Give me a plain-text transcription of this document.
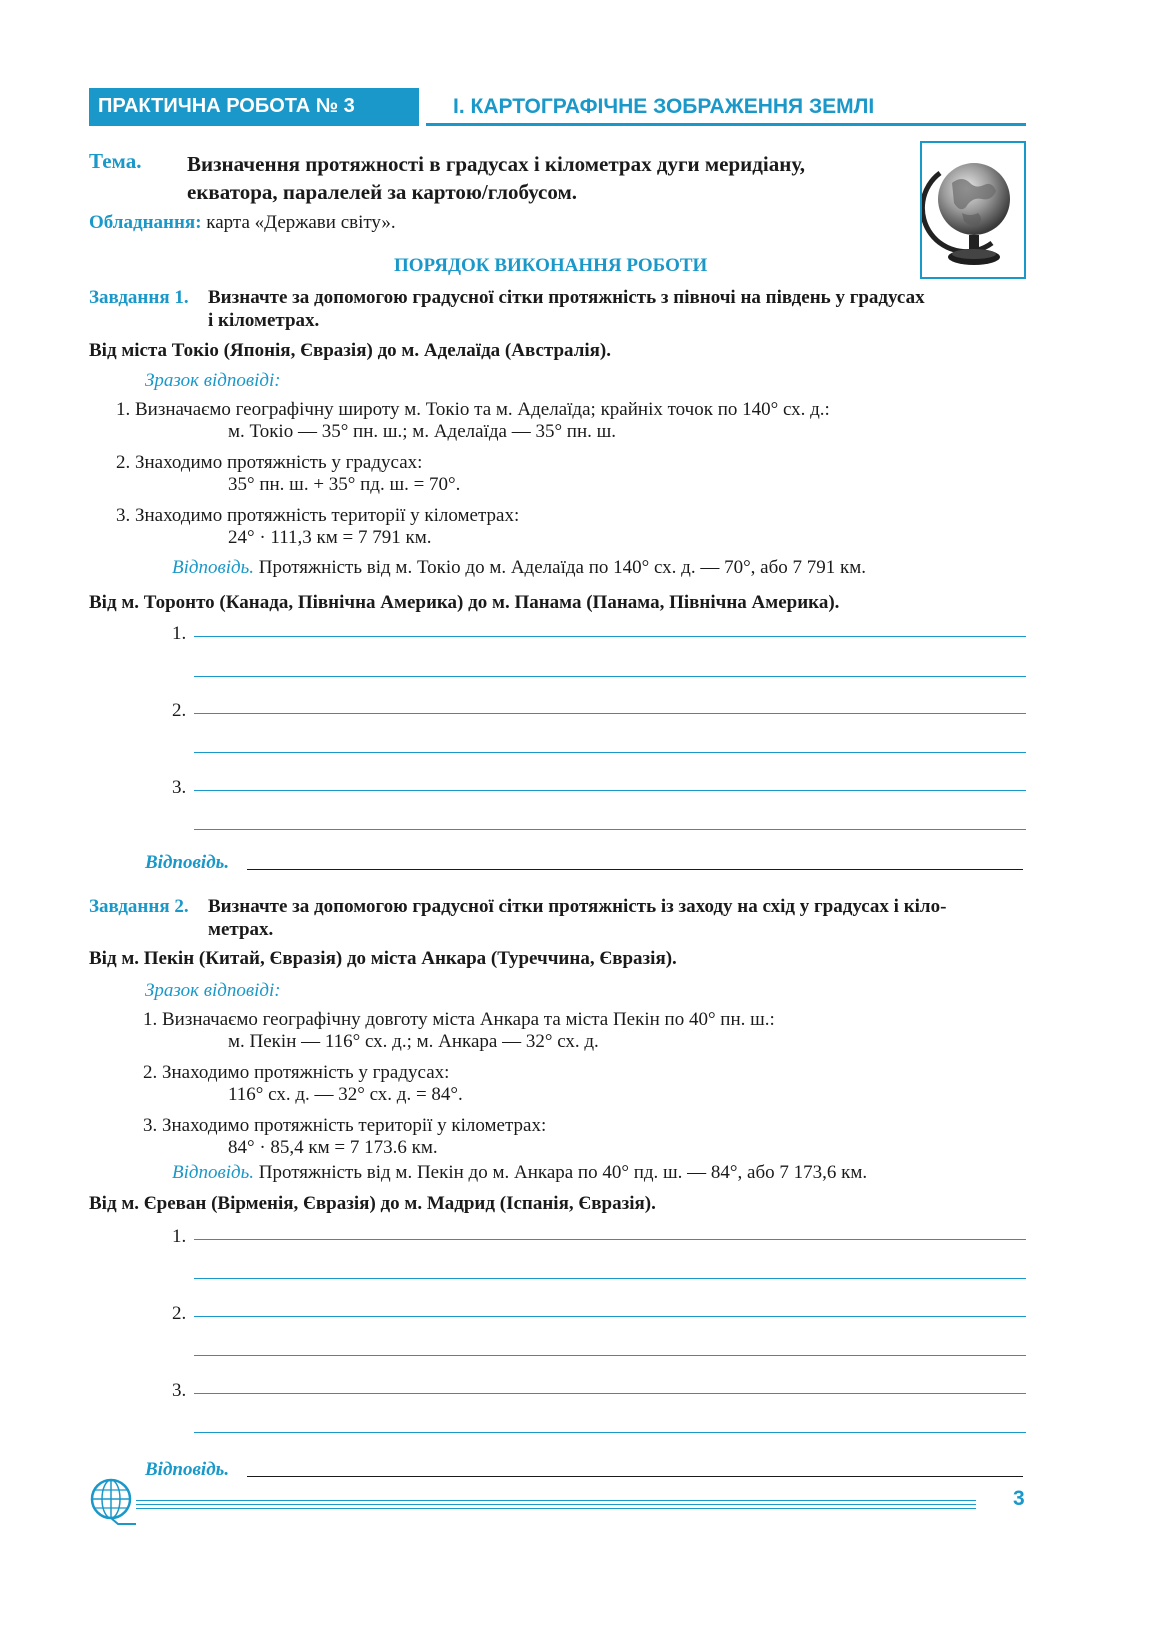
ПРАКТИЧНА РОБОТА № 3	І. КАРТОГРАФІЧНЕ ЗОБРАЖЕННЯ ЗЕМЛІ
Тема. Визначення протяжності в градусах і кілометрах дуги меридіану,
екватора, паралелей за картою/глобусом.
Обладнання: карта «Держави світу».
ПОРЯДОК ВИКОНАННЯ РОБОТИ
Завдання 1. Визначте за допомогою градусної сітки протяжність з півночі на південь у градусах
і кілометрах.
Від міста Токіо (Японія, Євразія) до м. Аделаїда (Австралія).
Зразок відповіді:
1. Визначаємо географічну широту м. Токіо та м. Аделаїда; крайніх точок по 140° сх. д.:
м. Токіо — 35° пн. ш.; м. Аделаїда — 35° пн. ш.
2. Знаходимо протяжність у градусах:
35° пн. ш. + 35° пд. ш. = 70°.
3. Знаходимо протяжність території у кілометрах:
24° · 111,3 км = 7 791 км.
Відповідь. Протяжність від м. Токіо до м. Аделаїда по 140° сх. д. — 70°, або 7 791 км.
Від м. Торонто (Канада, Північна Америка) до м. Панама (Панама, Північна Америка).
1.
2.
3.
Відповідь.
Завдання 2. Визначте за допомогою градусної сітки протяжність із заходу на схід у градусах і кіло-
метрах.
Від м. Пекін (Китай, Євразія) до міста Анкара (Туреччина, Євразія).
Зразок відповіді:
1. Визначаємо географічну довготу міста Анкара та міста Пекін по 40° пн. ш.:
м. Пекін — 116° сх. д.; м. Анкара — 32° сх. д.
2. Знаходимо протяжність у градусах:
116° сх. д. — 32° сх. д. = 84°.
3. Знаходимо протяжність території у кілометрах:
84° · 85,4 км = 7 173.6 км.
Відповідь. Протяжність від м. Пекін до м. Анкара по 40° пд. ш. — 84°, або 7 173,6 км.
Від м. Єреван (Вірменія, Євразія) до м. Мадрид (Іспанія, Євразія).
1.
2.
3.
Відповідь.
3
